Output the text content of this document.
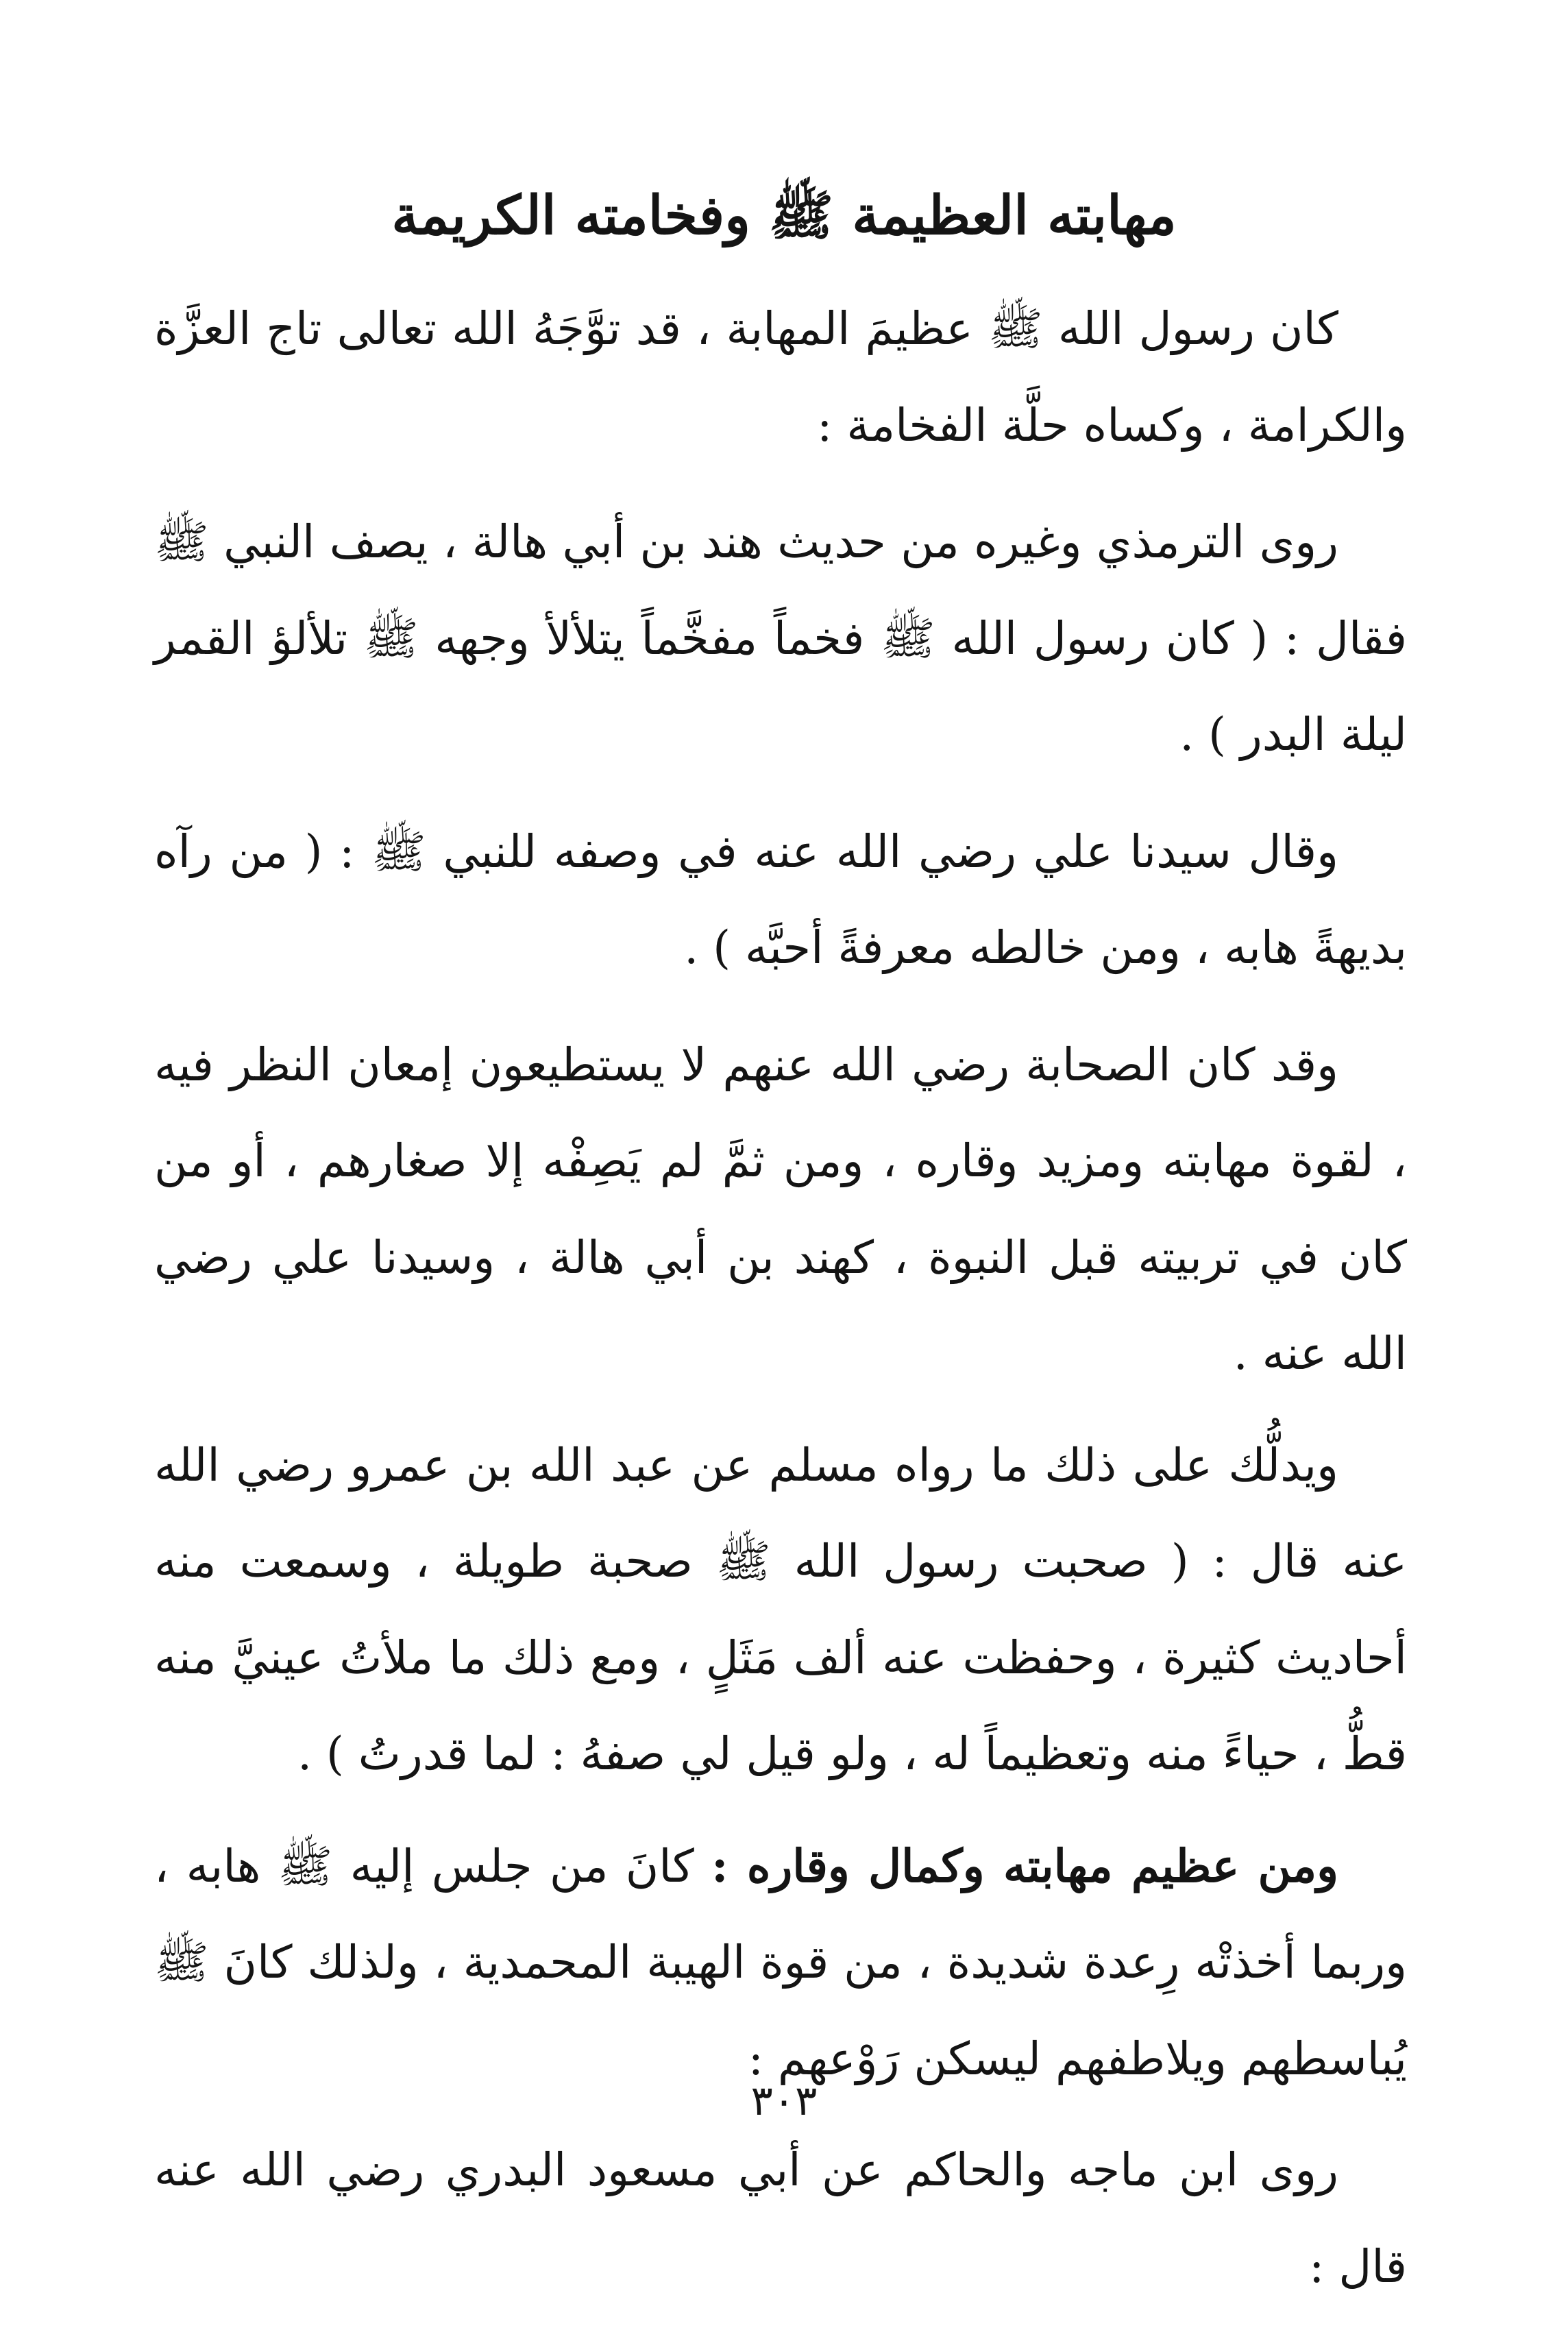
مهابته العظيمة ﷺ وفخامته الكريمة

كان رسول الله ﷺ عظيمَ المهابة ، قد توَّجَهُ الله تعالى تاج العزَّة والكرامة ، وكساه حلَّة الفخامة :

روى الترمذي وغيره من حديث هند بن أبي هالة ، يصف النبي ﷺ فقال : ( كان رسول الله ﷺ فخماً مفخَّماً يتلألأ وجهه ﷺ تلألؤ القمر ليلة البدر ) .

وقال سيدنا علي رضي الله عنه في وصفه للنبي ﷺ : ( من رآه بديهةً هابه ، ومن خالطه معرفةً أحبَّه ) .

وقد كان الصحابة رضي الله عنهم لا يستطيعون إمعان النظر فيه ، لقوة مهابته ومزيد وقاره ، ومن ثمَّ لم يَصِفْه إلا صغارهم ، أو من كان في تربيته قبل النبوة ، كهند بن أبي هالة ، وسيدنا علي رضي الله عنه .

ويدلُّك على ذلك ما رواه مسلم عن عبد الله بن عمرو رضي الله عنه قال : ( صحبت رسول الله ﷺ صحبة طويلة ، وسمعت منه أحاديث كثيرة ، وحفظت عنه ألف مَثَلٍ ، ومع ذلك ما ملأتُ عينيَّ منه قطُّ ، حياءً منه وتعظيماً له ، ولو قيل لي صفهُ : لما قدرتُ ) .

ومن عظيم مهابته وكمال وقاره : كانَ من جلس إليه ﷺ هابه ، وربما أخذتْه رِعدة شديدة ، من قوة الهيبة المحمدية ، ولذلك كانَ ﷺ يُباسطهم ويلاطفهم ليسكن رَوْعهم :

روى ابن ماجه والحاكم عن أبي مسعود البدري رضي الله عنه قال :

٣٠٣
